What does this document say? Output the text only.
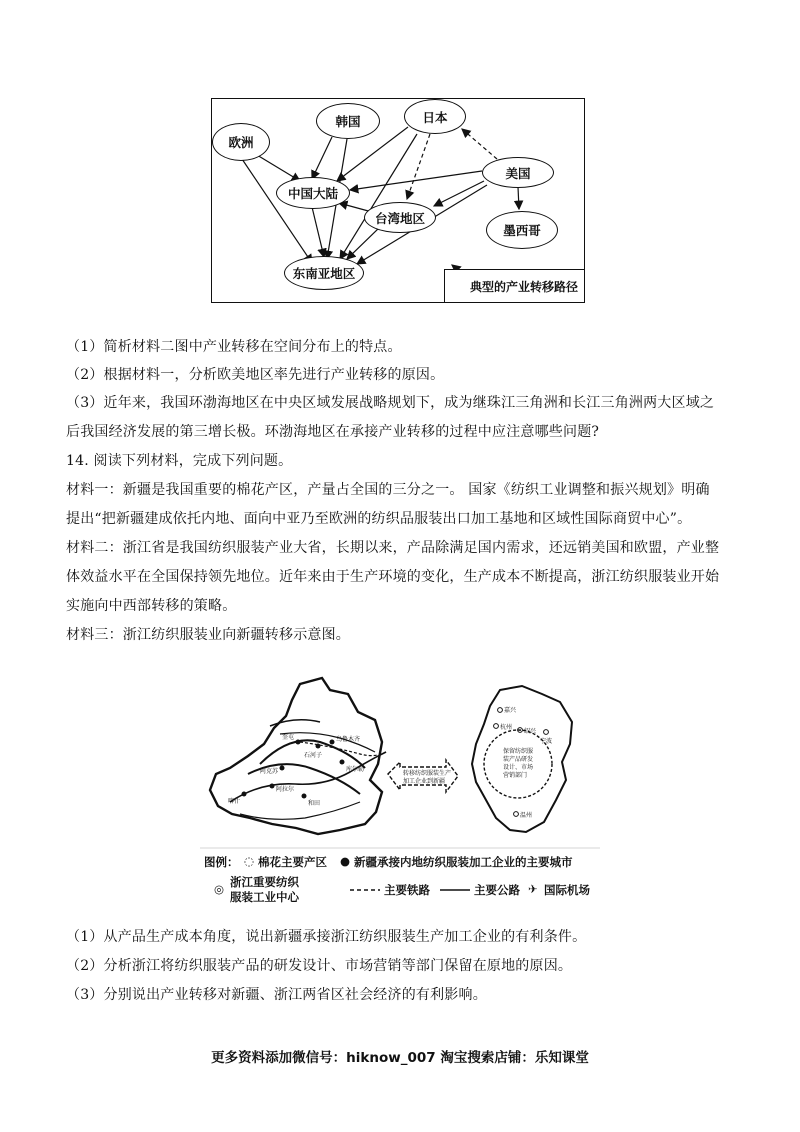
欧洲
韩国	日本
中国大陆
美国
台湾地区
墨西哥
东南亚地区
典型的产业转移路径
（1）简析材料二图中产业转移在空间分布上的特点。
（2）根据材料一，分析欧美地区率先进行产业转移的原因。
（3）近年来，我国环渤海地区在中央区域发展战略规划下，成为继珠江三角洲和长江三角洲两大区域之
后我国经济发展的第三增长极。环渤海地区在承接产业转移的过程中应注意哪些问题?
14. 阅读下列材料，完成下列问题。
材料一：新疆是我国重要的棉花产区，产量占全国的三分之一。 国家《纺织工业调整和振兴规划》明确
提出“把新疆建成依托内地、面向中亚乃至欧洲的纺织品服装出口加工基地和区域性国际商贸中心”。
材料二：浙江省是我国纺织服装产业大省，长期以来，产品除满足国内需求，还远销美国和欧盟，产业整
体效益水平在全国保持领先地位。近年来由于生产环境的变化，生产成本不断提高，浙江纺织服装业开始
实施向中西部转移的策略。
材料三：浙江纺织服装业向新疆转移示意图。
奎屯
石河子
乌鲁木齐
库尔勒
阿克苏
阿拉尔
喀什	和田
转移纺织服装生产
加工企业到新疆
嘉兴
杭州
绍兴
宁波
温州
保留纺织服
装产品研发
设计、市场
营销部门
图例： ◌ 棉花主要产区 ● 新疆承接内地纺织服装加工企业的主要城市
◎ 浙江重要纺织
服装工业中心	主要铁路	主要公路 ✈ 国际机场
（1）从产品生产成本角度，说出新疆承接浙江纺织服装生产加工企业的有利条件。
（2）分析浙江将纺织服装产品的研发设计、市场营销等部门保留在原地的原因。
（3）分别说出产业转移对新疆、浙江两省区社会经济的有利影响。
更多资料添加微信号：hiknow_007 淘宝搜索店铺：乐知课堂
